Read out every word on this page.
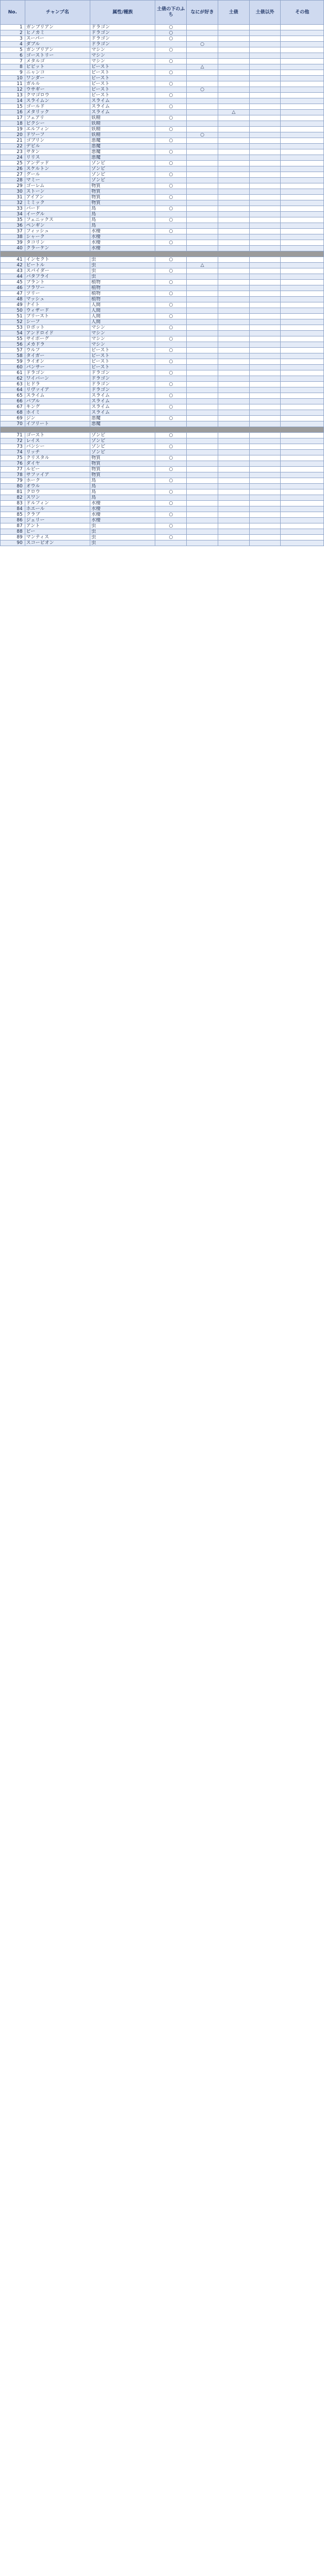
No.	チャンプ名	属性/種族	土俵の下のふち	なにが好き	土俵	土俵以外	その他
1	ガンブリアン	ドラゴン	○				
2	ヒノカミ	ドラゴン	○				
3	スーパー	ドラゴン	○				
4	ダブル	ドラゴン		○			
5	ガンブリアン	マシン	○				
6	ゴーストリー	マシン					
7	メタルゴ	マシン	○				
8	ピピット	ビースト		△			
9	ニャンコ	ビースト	○				
10	ワンダー	ビースト					
11	ガルル	ビースト	○				
12	ウサギー	ビースト		○			
13	クマゴロウ	ビースト	○				
14	スライムン	スライム					
15	ゴールド	スライム	○				
16	メタリック	スライム			△		
17	フェアリ	妖精	○				
18	ピクシー	妖精					
19	エルフィン	妖精	○				
20	ドワーフ	妖精		○			
21	ゴブリン	悪魔	○				
22	デビル	悪魔					
23	サタン	悪魔	○				
24	リリス	悪魔					
25	アンデッド	ゾンビ	○				
26	スケルトン	ゾンビ					
27	グール	ゾンビ	○				
28	マミー	ゾンビ					
29	ゴーレム	物質	○				
30	ストーン	物質					
31	アイアン	物質	○				
32	ミミック	物質					
33	バード	鳥	○				
34	イーグル	鳥					
35	フェニックス	鳥	○				
36	ペンギン	鳥					
37	フィッシュ	水棲	○				
38	シャーク	水棲					
39	タコリン	水棲	○				
40	クラーケン	水棲					

41	インセクト	虫	○				
42	ビートル	虫		△			
43	スパイダー	虫	○				
44	バタフライ	虫					
45	プラント	植物	○				
46	フラワー	植物					
47	ツリー	植物	○				
48	マッシュ	植物					
49	ナイト	人間	○				
50	ウィザード	人間					
51	プリースト	人間	○				
52	シーフ	人間					
53	ロボット	マシン	○				
54	アンドロイド	マシン					
55	サイボーグ	マシン	○				
56	メカドラ	マシン					
57	ウルフ	ビースト	○				
58	タイガー	ビースト					
59	ライオン	ビースト	○				
60	パンサー	ビースト					
61	ドラゴン	ドラゴン	○				
62	ワイバーン	ドラゴン					
63	ヒドラ	ドラゴン	○				
64	リヴァイア	ドラゴン					
65	スライム	スライム	○				
66	バブル	スライム					
67	キング	スライム	○				
68	ホイミ	スライム					
69	ジン	悪魔	○				
70	イフリート	悪魔					

71	ゴースト	ゾンビ	○				
72	レイス	ゾンビ					
73	バンシー	ゾンビ	○				
74	リッチ	ゾンビ					
75	クリスタル	物質	○				
76	ダイヤ	物質					
77	ルビー	物質	○				
78	サファイア	物質					
79	ホーク	鳥	○				
80	オウル	鳥					
81	クロウ	鳥	○				
82	スワン	鳥					
83	ドルフィン	水棲	○				
84	ホエール	水棲					
85	クラブ	水棲	○				
86	ジェリー	水棲					
87	アント	虫	○				
88	ビー	虫					
89	マンティス	虫	○				
90	スコーピオン	虫					
